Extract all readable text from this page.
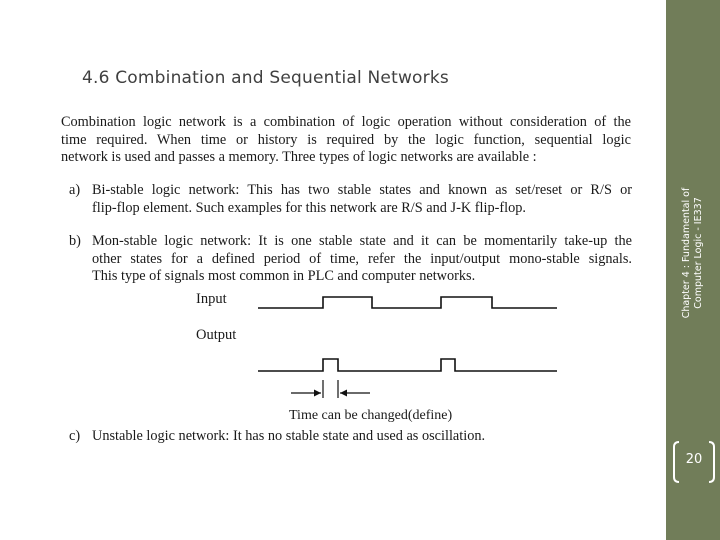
4.6 Combination and Sequential Networks
Combination logic network is a combination of logic operation without consideration of the
time required. When time or history is required by the logic function, sequential logic
network is used and passes a memory. Three types of logic networks are available :
a) Bi-stable logic network: This has two stable states and known as set/reset or R/S or
flip-flop element. Such examples for this network are R/S and J-K flip-flop.
b) Mon-stable logic network: It is one stable state and it can be momentarily take-up the
other states for a defined period of time, refer the input/output mono-stable signals.
This type of signals most common in PLC and computer networks.
Input
Output
Time can be changed(define)
c) Unstable logic network: It has no stable state and used as oscillation.
Chapter 4 : Fundamental of Computer Logic - IE337
20
